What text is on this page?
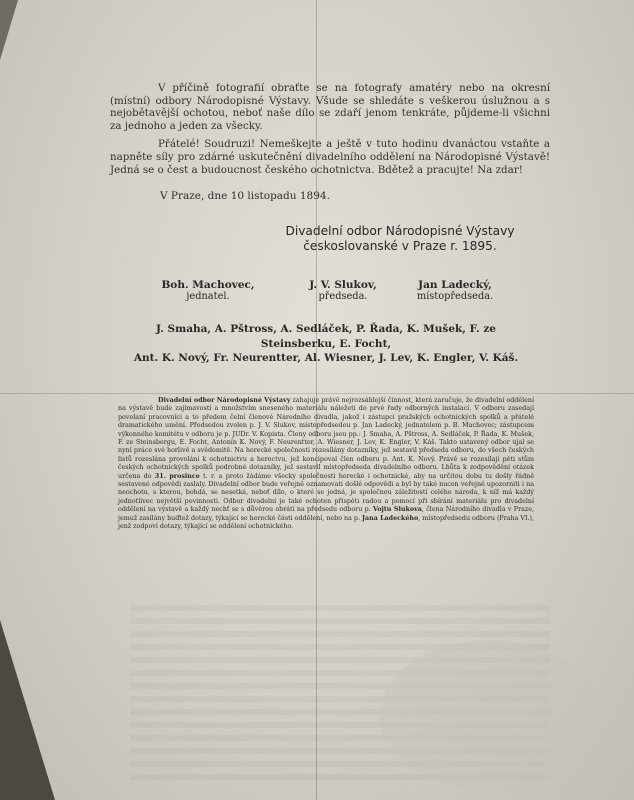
V příčině fotografií obraťte se na fotografy amatéry nebo na okresní (místní) odbory Národopisné Výstavy. Všude se shledáte s veškerou úslužnou a s nejobětavější ochotou, neboť naše dílo se zdaří jenom tenkráte, půjdeme-li všichni za jednoho a jeden za všecky.

Přátelé! Soudruzi! Nemeškejte a ještě v tuto hodinu dvanáctou vstaňte a napněte síly pro zdárné uskutečnění divadelního oddělení na Národopisné Výstavě! Jedná se o čest a budoucnost českého ochotnictva. Bdětež a pracujte! Na zdar!

V Praze, dne 10 listopadu 1894.
Divadelní odbor Národopisné Výstavy
českoslovanské v Praze r. 1895.
Boh. Machovec,
jednatel.
J. V. Slukov,
předseda.
Jan Ladecký,
místopředseda.
J. Smaha, A. Pštross, A. Sedláček, P. Řada, K. Mušek, F. ze Steinsberku, E. Focht,
Ant. K. Nový, Fr. Neurentter, Al. Wiesner, J. Lev, K. Engler, V. Káš.
Divadelní odbor Národopisné Výstavy zahajuje právě nejrozsáhlejší činnost, která zaručuje, že divadelní oddělení na výstavě bude zajímavostí a množstvím sneseného materiálu náležeti do prvé řady odborných instalací. V odboru zasedají povolaní pracovníci a to předem čelní členové Národního divadla, jakož i zástupci pražských ochotnických spolků a přátelé dramatického umění. Předsedou zvolen p. J. V. Slukov, místopředsedou p. Jan Ladecký, jednatelem p. B. Machovec; zástupcem výkonného komitétu v odboru je p. JUDr. V. Kopista. Členy odboru jsou pp.: J. Smaha, A. Pštross, A. Sedláček, P. Řada, K. Mušek, F. ze Steinsbergu, E. Focht, Antonín K. Nový, F. Neurentter, A. Wiesner, J. Lev, K. Engler, V. Káš. Takto ustavený odbor ujal se nyní práce své horlivě a svědomitě. Na herecké společnosti rozesílány dotazníky, jež sestavil předseda odboru, do všech českých listů rozeslána provolání k ochotnictvu a herectvu, jež koncipoval člen odboru p. Ant. K. Nový. Právě se rozesílají pěti stům českých ochotnických spolků podrobné dotazníky, jež sestavil místopředseda divadelního odboru. Lhůta k zodpovědění otázek určena do 31. prosince t. r. a proto žádáme všecky společnosti herecké i ochotnické, aby na určitou dobu tu došly řádně sestavené odpovědi zaslaly. Divadelní odbor bude veřejně oznamovati došlé odpovědi a byl by také nucen veřejně upozorniti i na neochotu, s kterou, bohdá, se nesetká, neboť dílo, o které se jedná, je společnou záležitostí celého národa, k níž má každý jednotlivec největší povinnosti. Odbor divadelní je také ochoten přispěti radou a pomocí při sbírání materiálu pro divadelní oddělení na výstavě a každý nechť se s důvěrou obrátí na předsedu odboru p. Vojtu Slukova, člena Národního divadla v Praze, jemuž zasílány buďtež dotazy, týkající se herecké části oddělení, nebo na p. Jana Ladeckého, místopředsedu odboru (Praha VI.), jenž zodpoví dotazy, týkající se oddělení ochotnického.
